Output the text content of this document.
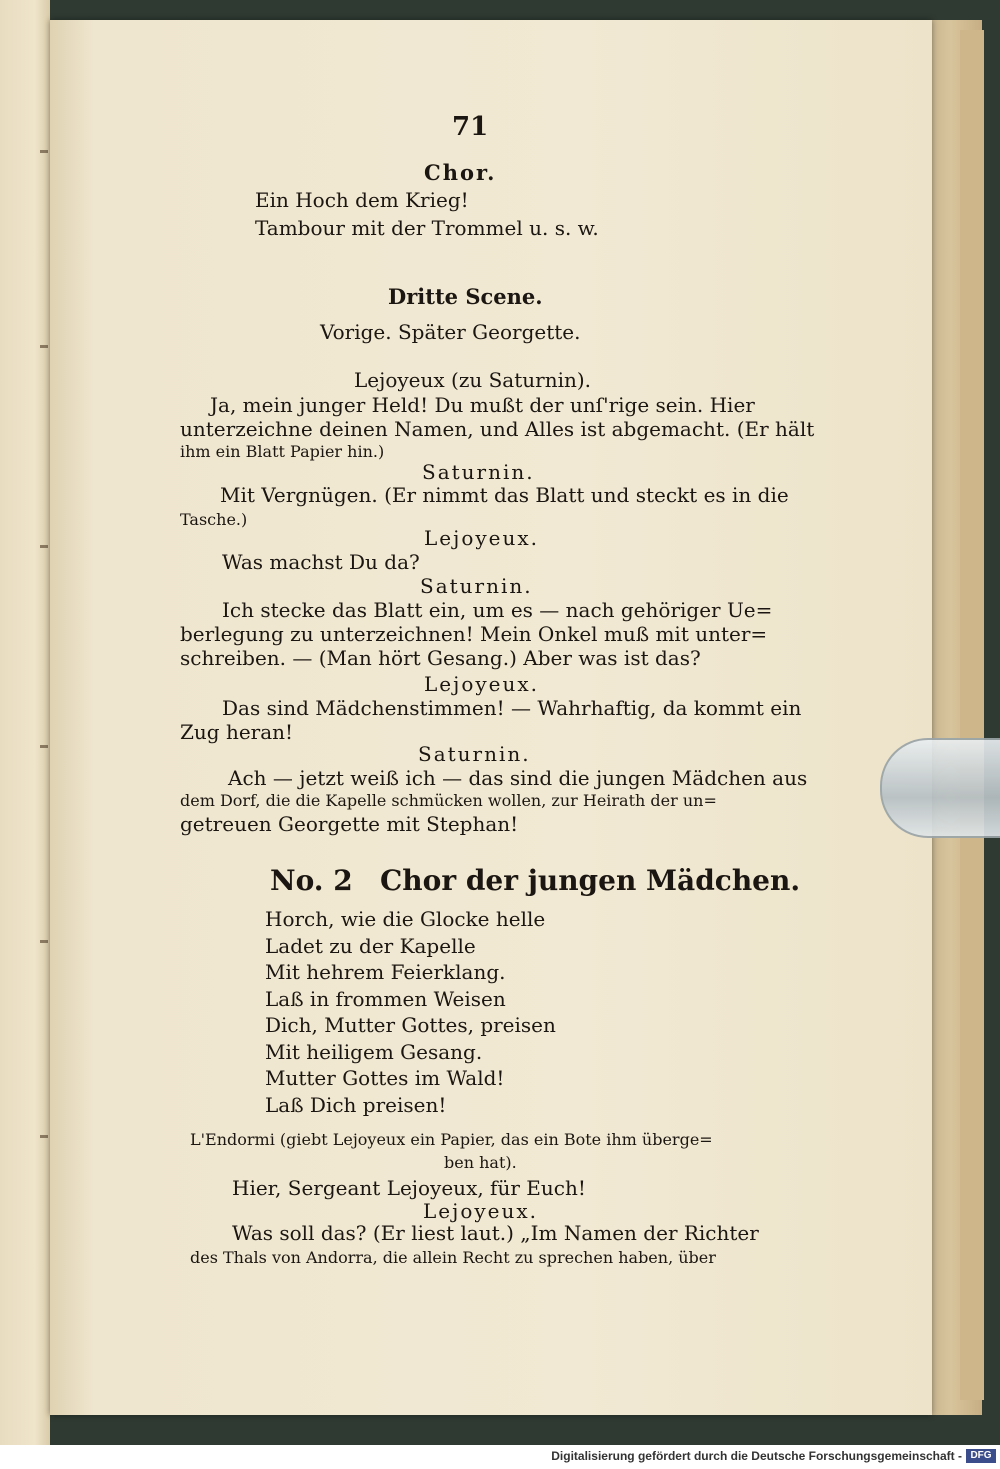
71
Chor.
Ein Hoch dem Krieg!
Tambour mit der Trommel u. s. w.
Dritte Scene.
Vorige. Später Georgette.
Lejoyeux (zu Saturnin).
Ja, mein junger Held! Du mußt der unſ'rige sein. Hier
unterzeichne deinen Namen, und Alles ist abgemacht. (Er hält
ihm ein Blatt Papier hin.)
Saturnin.
Mit Vergnügen. (Er nimmt das Blatt und steckt es in die
Tasche.)
Lejoyeux.
Was machst Du da?
Saturnin.
Ich stecke das Blatt ein, um es — nach gehöriger Ue=
berlegung zu unterzeichnen! Mein Onkel muß mit unter=
schreiben. — (Man hört Gesang.) Aber was ist das?
Lejoyeux.
Das sind Mädchenstimmen! — Wahrhaftig, da kommt ein
Zug heran!
Saturnin.
Ach — jetzt weiß ich — das sind die jungen Mädchen aus
dem Dorf, die die Kapelle schmücken wollen, zur Heirath der un=
getreuen Georgette mit Stephan!
No. 2 Chor der jungen Mädchen.
Horch, wie die Glocke helle
Ladet zu der Kapelle
Mit hehrem Feierklang.
Laß in frommen Weisen
Dich, Mutter Gottes, preisen
Mit heiligem Gesang.
Mutter Gottes im Wald!
Laß Dich preisen!
L'Endormi (giebt Lejoyeux ein Papier, das ein Bote ihm überge=
ben hat).
Hier, Sergeant Lejoyeux, für Euch!
Lejoyeux.
Was soll das? (Er liest laut.) „Im Namen der Richter
des Thals von Andorra, die allein Recht zu sprechen haben, über
Digitalisierung gefördert durch die Deutsche Forschungsgemeinschaft - DFG
